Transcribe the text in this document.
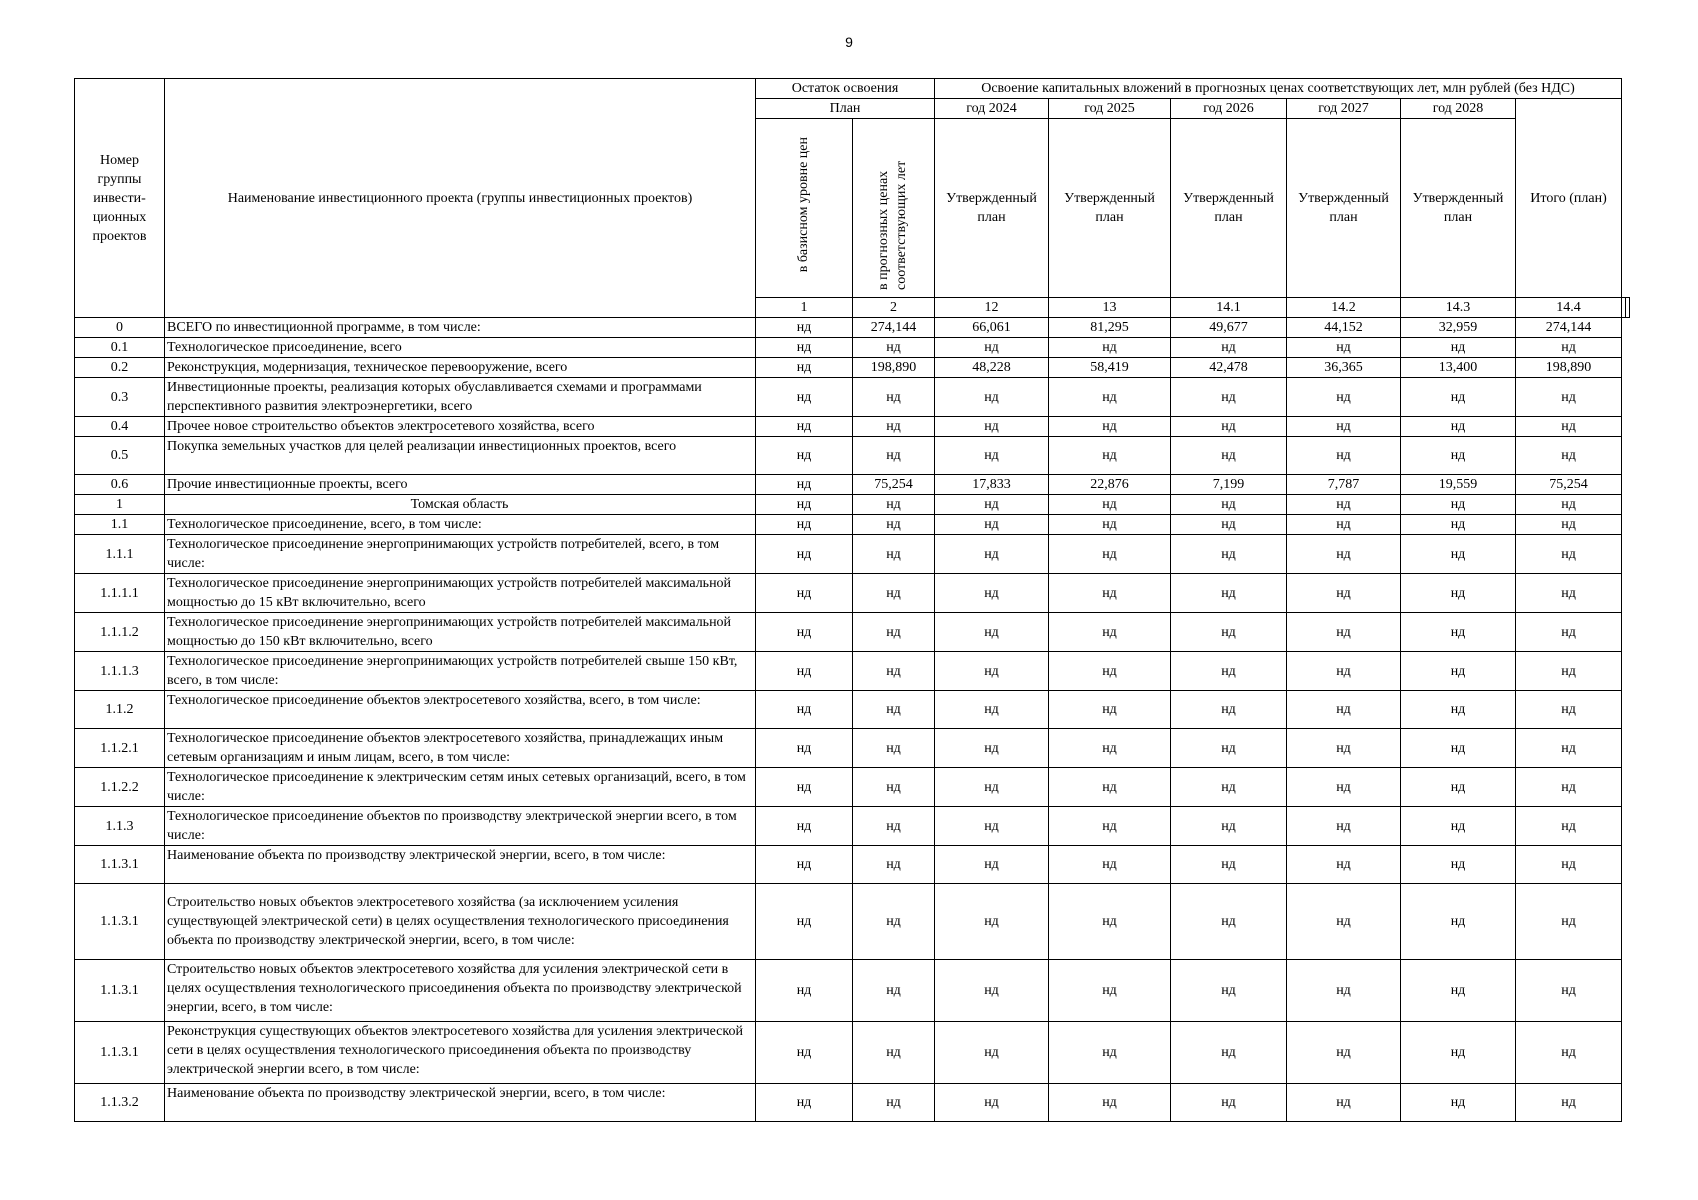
9
Номер группы инвести-ционных проектов	Наименование инвестиционного проекта (группы инвестиционных проектов)	Остаток освоения		Освоение капитальных вложений в прогнозных ценах соответствующих лет, млн рублей (без НДС)							
		План		год 2024	год 2025	год 2026	год 2027	год 2028	Итого (план)		
		в базисном уровне цен	в прогнозных ценах соответствующих лет	Утвержденный план	Утвержденный план	Утвержденный план	Утвержденный план	Утвержденный план			
		1	2	12	13	14.1	14.2	14.3	14.4		
0	ВСЕГО по инвестиционной программе, в том числе:	нд	274,144	66,061	81,295	49,677	44,152	32,959	274,144		
0.1	Технологическое присоединение, всего	нд	нд	нд	нд	нд	нд	нд	нд		
0.2	Реконструкция, модернизация, техническое перевооружение, всего	нд	198,890	48,228	58,419	42,478	36,365	13,400	198,890		
0.3	Инвестиционные проекты, реализация которых обуславливается схемами и программами перспективного развития электроэнергетики, всего	нд	нд	нд	нд	нд	нд	нд	нд		
0.4	Прочее новое строительство объектов электросетевого хозяйства, всего	нд	нд	нд	нд	нд	нд	нд	нд		
0.5	Покупка земельных участков для целей реализации инвестиционных проектов, всего	нд	нд	нд	нд	нд	нд	нд	нд		
0.6	Прочие инвестиционные проекты, всего	нд	75,254	17,833	22,876	7,199	7,787	19,559	75,254		
1	Томская область	нд	нд	нд	нд	нд	нд	нд	нд		
1.1	Технологическое присоединение, всего, в том числе:	нд	нд	нд	нд	нд	нд	нд	нд		
1.1.1	Технологическое присоединение энергопринимающих устройств потребителей, всего, в том числе:	нд	нд	нд	нд	нд	нд	нд	нд		
1.1.1.1	Технологическое присоединение энергопринимающих устройств потребителей максимальной мощностью до 15 кВт включительно, всего	нд	нд	нд	нд	нд	нд	нд	нд		
1.1.1.2	Технологическое присоединение энергопринимающих устройств потребителей максимальной мощностью до 150 кВт включительно, всего	нд	нд	нд	нд	нд	нд	нд	нд		
1.1.1.3	Технологическое присоединение энергопринимающих устройств потребителей свыше 150 кВт, всего, в том числе:	нд	нд	нд	нд	нд	нд	нд	нд		
1.1.2	Технологическое присоединение объектов электросетевого хозяйства, всего, в том числе:	нд	нд	нд	нд	нд	нд	нд	нд		
1.1.2.1	Технологическое присоединение объектов электросетевого хозяйства, принадлежащих иным сетевым организациям и иным лицам, всего, в том числе:	нд	нд	нд	нд	нд	нд	нд	нд		
1.1.2.2	Технологическое присоединение к электрическим сетям иных сетевых организаций, всего, в том числе:	нд	нд	нд	нд	нд	нд	нд	нд		
1.1.3	Технологическое присоединение объектов по производству электрической энергии всего, в том числе:	нд	нд	нд	нд	нд	нд	нд	нд		
1.1.3.1	Наименование объекта по производству электрической энергии, всего, в том числе:	нд	нд	нд	нд	нд	нд	нд	нд		
1.1.3.1	Строительство новых объектов электросетевого хозяйства (за исключением усиления существующей электрической сети) в целях осуществления технологического присоединения объекта по производству электрической энергии, всего, в том числе:	нд	нд	нд	нд	нд	нд	нд	нд		
1.1.3.1	Строительство новых объектов электросетевого хозяйства для усиления электрической сети в целях осуществления технологического присоединения объекта по производству электрической энергии, всего, в том числе:	нд	нд	нд	нд	нд	нд	нд	нд		
1.1.3.1	Реконструкция существующих объектов электросетевого хозяйства для усиления электрической сети в целях осуществления технологического присоединения объекта по производству электрической энергии всего, в том числе:	нд	нд	нд	нд	нд	нд	нд	нд		
1.1.3.2	Наименование объекта по производству электрической энергии, всего, в том числе:	нд	нд	нд	нд	нд	нд	нд	нд		
